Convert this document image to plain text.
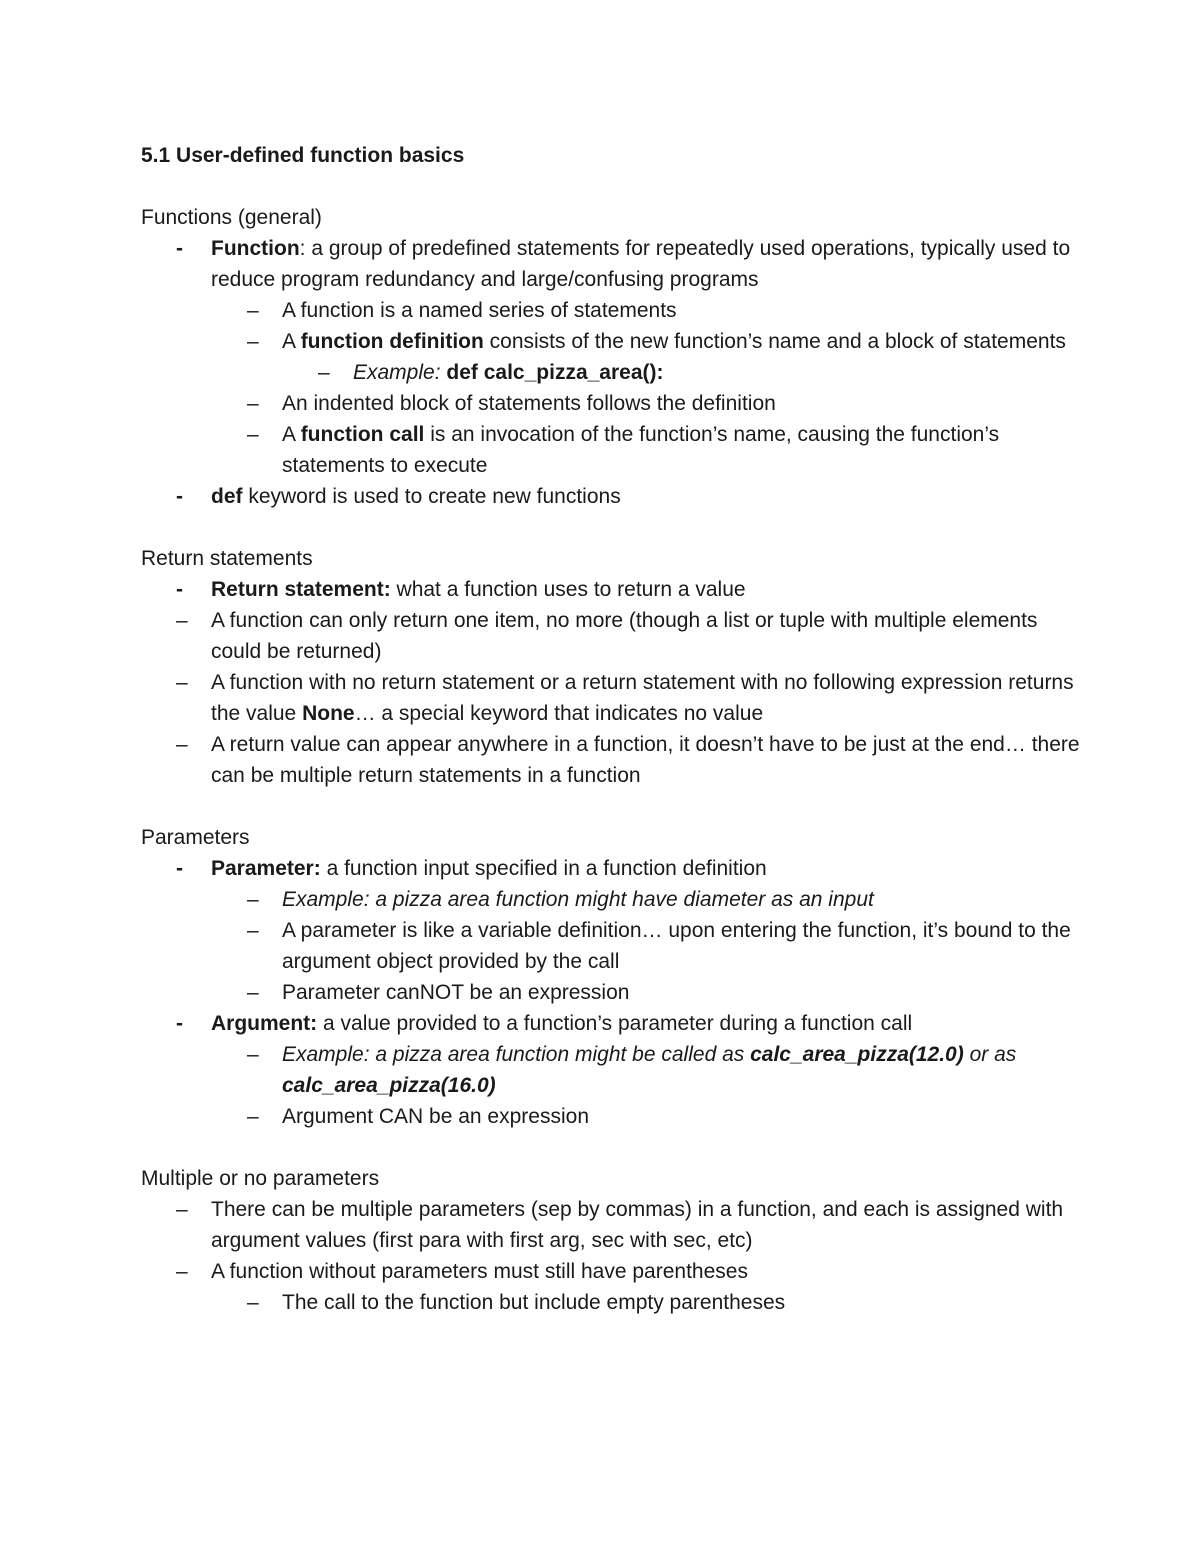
5.1 User-defined function basics
Functions (general)
- Function: a group of predefined statements for repeatedly used operations, typically used to reduce program redundancy and large/confusing programs
– A function is a named series of statements
– A function definition consists of the new function’s name and a block of statements
– Example: def calc_pizza_area():
– An indented block of statements follows the definition
– A function call is an invocation of the function’s name, causing the function’s statements to execute
- def keyword is used to create new functions
Return statements
- Return statement: what a function uses to return a value
– A function can only return one item, no more (though a list or tuple with multiple elements could be returned)
– A function with no return statement or a return statement with no following expression returns the value None… a special keyword that indicates no value
– A return value can appear anywhere in a function, it doesn’t have to be just at the end… there can be multiple return statements in a function
Parameters
- Parameter: a function input specified in a function definition
– Example: a pizza area function might have diameter as an input
– A parameter is like a variable definition… upon entering the function, it’s bound to the argument object provided by the call
– Parameter canNOT be an expression
- Argument: a value provided to a function’s parameter during a function call
– Example: a pizza area function might be called as calc_area_pizza(12.0) or as calc_area_pizza(16.0)
– Argument CAN be an expression
Multiple or no parameters
– There can be multiple parameters (sep by commas) in a function, and each is assigned with argument values (first para with first arg, sec with sec, etc)
– A function without parameters must still have parentheses
– The call to the function but include empty parentheses
